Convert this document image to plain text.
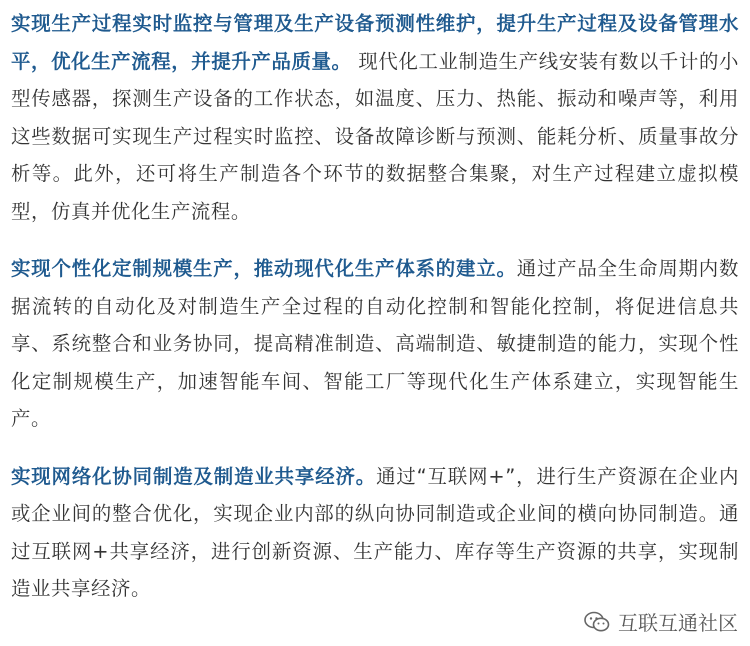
实现生产过程实时监控与管理及生产设备预测性维护，提升生产过程及设备管理水平，优化生产流程，并提升产品质量。 现代化工业制造生产线安装有数以千计的小型传感器，探测生产设备的工作状态，如温度、压力、热能、振动和噪声等，利用这些数据可实现生产过程实时监控、设备故障诊断与预测、能耗分析、质量事故分析等。此外，还可将生产制造各个环节的数据整合集聚，对生产过程建立虚拟模型，仿真并优化生产流程。

实现个性化定制规模生产，推动现代化生产体系的建立。通过产品全生命周期内数据流转的自动化及对制造生产全过程的自动化控制和智能化控制，将促进信息共享、系统整合和业务协同，提高精准制造、高端制造、敏捷制造的能力，实现个性化定制规模生产，加速智能车间、智能工厂等现代化生产体系建立，实现智能生产。

实现网络化协同制造及制造业共享经济。通过“互联网+”，进行生产资源在企业内或企业间的整合优化，实现企业内部的纵向协同制造或企业间的横向协同制造。通过互联网+共享经济，进行创新资源、生产能力、库存等生产资源的共享，实现制造业共享经济。

互联互通社区
